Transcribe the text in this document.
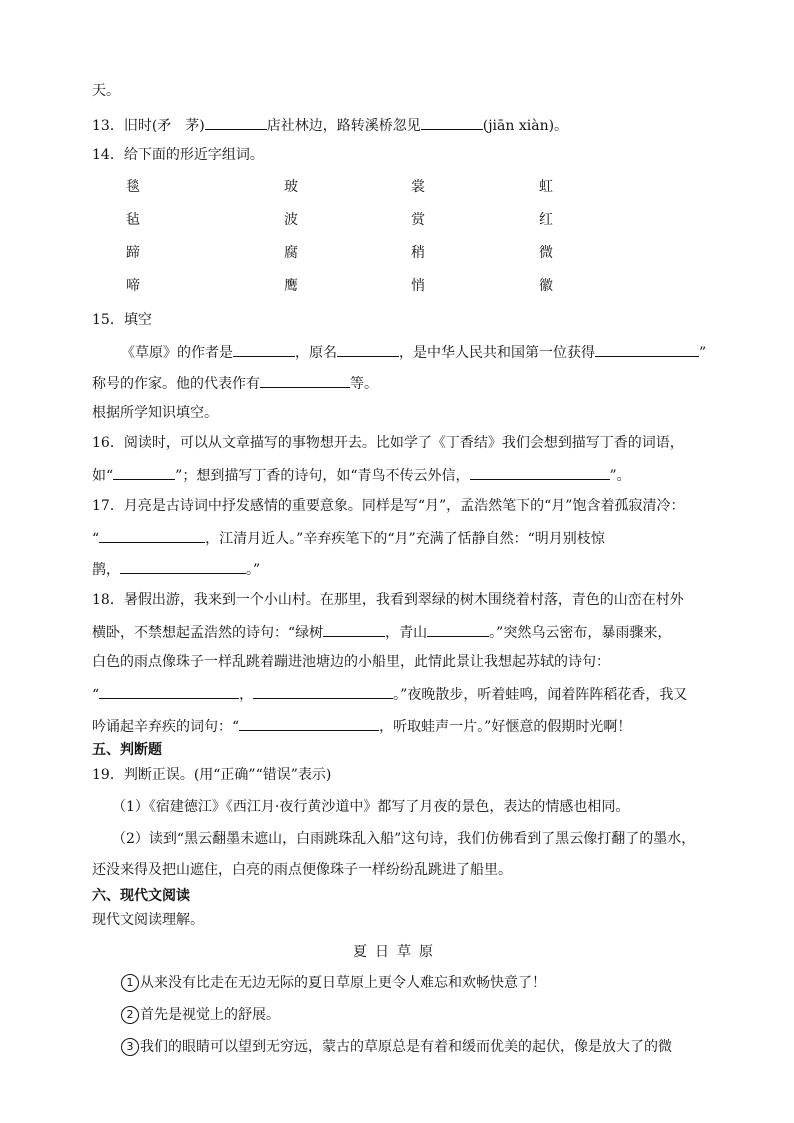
天。
13．旧时(矛　茅)	店社林边，路转溪桥忽见	(jiān xiàn)。
14．给下面的形近字组词。
毯	玻	裳	虹
毡	波	赏	红
蹄	腐	稍	微
啼	鹰	悄	徽
15．填空
《草原》的作者是	，原名	，是中华人民共和国第一位获得	”
称号的作家。他的代表作有	等。
根据所学知识填空。
16．阅读时，可以从文章描写的事物想开去。比如学了《丁香结》我们会想到描写丁香的词语，
如“	”；想到描写丁香的诗句，如“青鸟不传云外信，	”。
17．月亮是古诗词中抒发感情的重要意象。同样是写“月”，孟浩然笔下的“月”饱含着孤寂清冷：
“	，江清月近人。”辛弃疾笔下的“月”充满了恬静自然：“明月别枝惊
鹊，	。”
18．暑假出游，我来到一个小山村。在那里，我看到翠绿的树木围绕着村落，青色的山峦在村外
横卧，不禁想起孟浩然的诗句：“绿树	，青山	。”突然乌云密布，暴雨骤来，
白色的雨点像珠子一样乱跳着蹦进池塘边的小船里，此情此景让我想起苏轼的诗句：
“	，	。”夜晚散步，听着蛙鸣，闻着阵阵稻花香，我又
吟诵起辛弃疾的词句：“	，听取蛙声一片。”好惬意的假期时光啊！
五、判断题
19．判断正误。(用“正确”“错误”表示)
（1）《宿建德江》《西江月·夜行黄沙道中》都写了月夜的景色，表达的情感也相同。
（2）读到“黑云翻墨未遮山，白雨跳珠乱入船”这句诗，我们仿佛看到了黑云像打翻了的墨水，
还没来得及把山遮住，白亮的雨点便像珠子一样纷纷乱跳进了船里。
六、现代文阅读
现代文阅读理解。
夏日草原
1 从来没有比走在无边无际的夏日草原上更令人难忘和欢畅快意了！
2 首先是视觉上的舒展。
3 我们的眼睛可以望到无穷远，蒙古的草原总是有着和缓而优美的起伏，像是放大了的微
